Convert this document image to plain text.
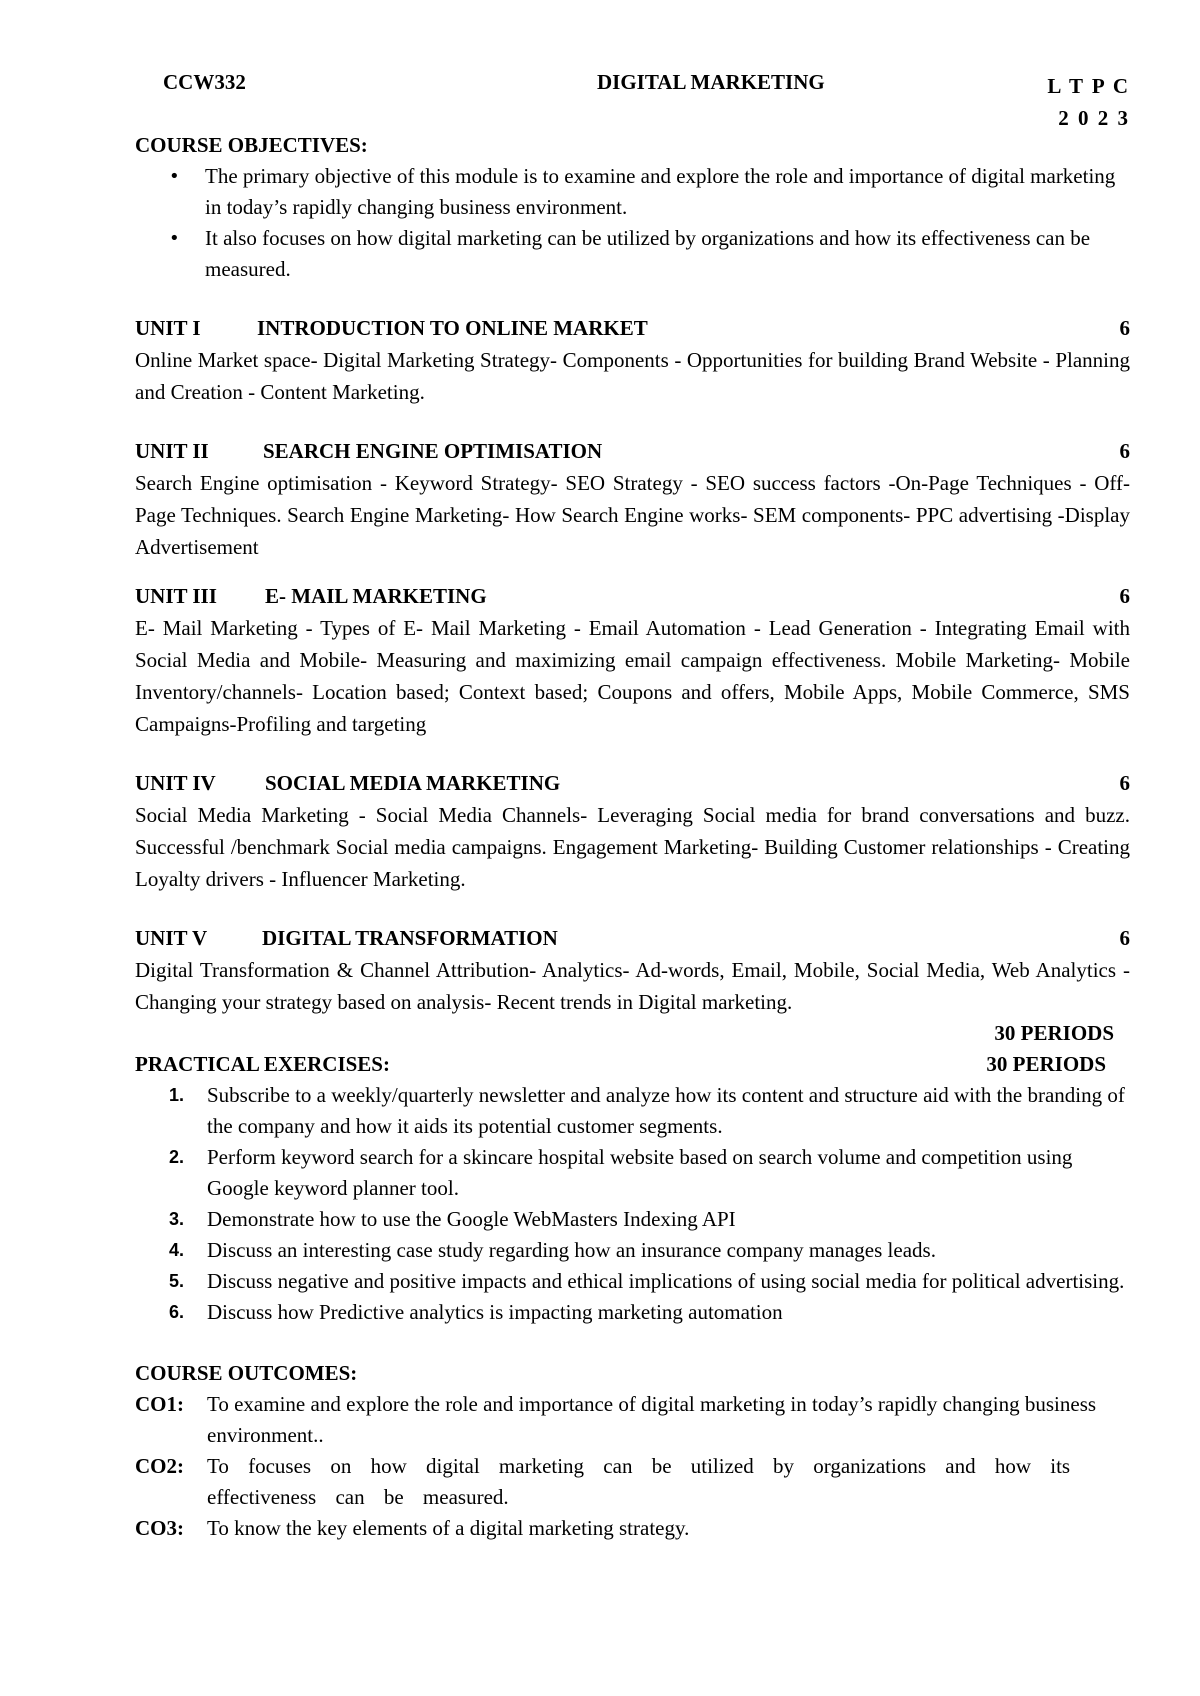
CCW332	DIGITAL MARKETING	L T P C
2 0 2 3

COURSE OBJECTIVES:

• The primary objective of this module is to examine and explore the role and importance of digital marketing in today’s rapidly changing business environment.
• It also focuses on how digital marketing can be utilized by organizations and how its effectiveness can be measured.
UNIT I	INTRODUCTION TO ONLINE MARKET	6

Online Market space- Digital Marketing Strategy- Components - Opportunities for building Brand Website - Planning and Creation - Content Marketing.

UNIT II	SEARCH ENGINE OPTIMISATION	6

Search Engine optimisation - Keyword Strategy- SEO Strategy - SEO success factors -On-Page Techniques - Off-Page Techniques. Search Engine Marketing- How Search Engine works- SEM components- PPC advertising -Display Advertisement

UNIT III E- MAIL MARKETING	6

E- Mail Marketing - Types of E- Mail Marketing - Email Automation - Lead Generation - Integrating Email with Social Media and Mobile- Measuring and maximizing email campaign effectiveness. Mobile Marketing- Mobile Inventory/channels- Location based; Context based; Coupons and offers, Mobile Apps, Mobile Commerce, SMS Campaigns-Profiling and targeting

UNIT IV SOCIAL MEDIA MARKETING	6

Social Media Marketing - Social Media Channels- Leveraging Social media for brand conversations and buzz. Successful /benchmark Social media campaigns. Engagement Marketing- Building Customer relationships - Creating Loyalty drivers - Influencer Marketing.

UNIT V	DIGITAL TRANSFORMATION	6

Digital Transformation & Channel Attribution- Analytics- Ad-words, Email, Mobile, Social Media, Web Analytics - Changing your strategy based on analysis- Recent trends in Digital marketing.

30 PERIODS
PRACTICAL EXERCISES:	30 PERIODS
1. Subscribe to a weekly/quarterly newsletter and analyze how its content and structure aid with the branding of the company and how it aids its potential customer segments.
2. Perform keyword search for a skincare hospital website based on search volume and competition using Google keyword planner tool.
3. Demonstrate how to use the Google WebMasters Indexing API
4. Discuss an interesting case study regarding how an insurance company manages leads.
5. Discuss negative and positive impacts and ethical implications of using social media for political advertising.
6. Discuss how Predictive analytics is impacting marketing automation

COURSE OUTCOMES:

CO1: To examine and explore the role and importance of digital marketing in today’s rapidly changing business environment..
CO2: To focuses on how digital marketing can be utilized by organizations and how its effectiveness can be measured.
CO3: To know the key elements of a digital marketing strategy.
